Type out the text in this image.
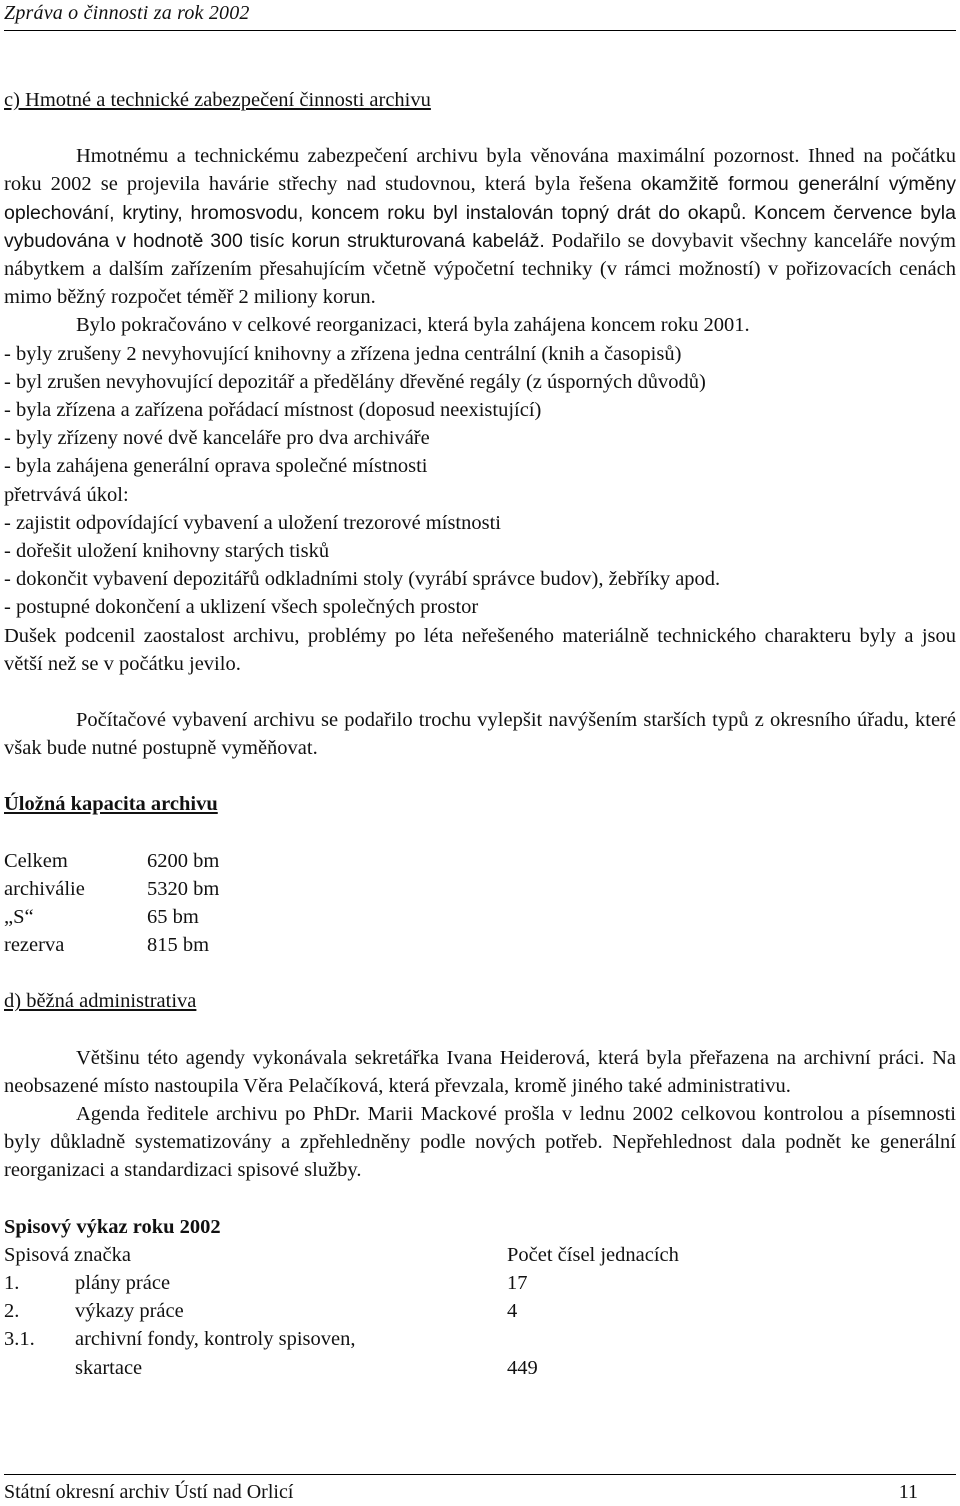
Zpráva o činnosti za rok 2002

c) Hmotné a technické zabezpečení činnosti archivu

Hmotnému a technickému zabezpečení archivu byla věnována maximální pozornost. Ihned na počátku roku 2002 se projevila havárie střechy nad studovnou, která byla řešena okamžitě formou generální výměny oplechování, krytiny, hromosvodu, koncem roku byl instalován topný drát do okapů. Koncem července byla vybudována v hodnotě 300 tisíc korun strukturovaná kabeláž. Podařilo se dovybavit všechny kanceláře novým nábytkem a dalším zařízením přesahujícím včetně výpočetní techniky (v rámci možností) v pořizovacích cenách mimo běžný rozpočet téměř 2 miliony korun.

Bylo pokračováno v celkové reorganizaci, která byla zahájena koncem roku 2001.

- byly zrušeny 2 nevyhovující knihovny a zřízena jedna centrální (knih a časopisů)

- byl zrušen nevyhovující depozitář a předělány dřevěné regály (z úsporných důvodů)

- byla zřízena a zařízena pořádací místnost (doposud neexistující)

- byly zřízeny nové dvě kanceláře pro dva archiváře

- byla zahájena generální oprava společné místnosti

přetrvává úkol:

- zajistit odpovídající vybavení a uložení trezorové místnosti

- dořešit uložení knihovny starých tisků

- dokončit vybavení depozitářů odkladními stoly (vyrábí správce budov), žebříky apod.

- postupné dokončení a uklizení všech společných prostor

Dušek podcenil zaostalost archivu, problémy po léta neřešeného materiálně technického charakteru byly a jsou větší než se v počátku jevilo.

Počítačové vybavení archivu se podařilo trochu vylepšit navýšením starších typů z okresního úřadu, které však bude nutné postupně vyměňovat.

Úložná kapacita archivu

Celkem	6200 bm
archiválie	5320 bm
„S“	65 bm
rezerva	815 bm

d) běžná administrativa

Většinu této agendy vykonávala sekretářka Ivana Heiderová, která byla přeřazena na archivní práci. Na neobsazené místo nastoupila Věra Pelačíková, která převzala, kromě jiného také administrativu.

Agenda ředitele archivu po PhDr. Marii Mackové prošla v lednu 2002 celkovou kontrolou a písemnosti byly důkladně systematizovány a zpřehledněny podle nových potřeb. Nepřehlednost dala podnět ke generální reorganizaci a standardizaci spisové služby.

Spisový výkaz roku 2002

Spisová značka	Počet čísel jednacích
1.	plány práce	17
2.	výkazy práce	4
3.1.	archivní fondy, kontroly spisoven,
skartace	449
Státní okresní archiv Ústí nad Orlicí	11
